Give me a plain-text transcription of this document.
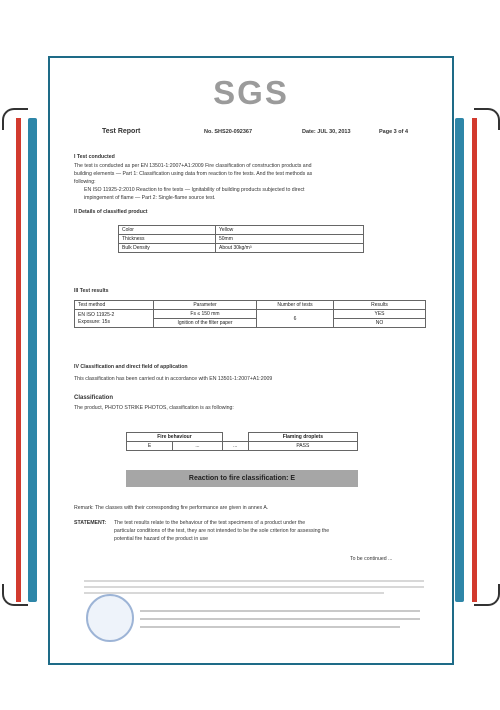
SGS
Test Report	No. SHS20-092367	Date: JUL 30, 2013	Page 3 of 4
I Test conducted
The test is conducted as per EN 13501-1:2007+A1:2009 Fire classification of construction products and
building elements — Part 1: Classification using data from reaction to fire tests. And the test methods as
following:
EN ISO 11925-2:2010 Reaction to fire tests — Ignitability of building products subjected to direct
impingement of flame — Part 2: Single-flame source test.
II Details of classified product
Color	Yellow
Thickness	50mm
Bulk Density	About 30kg/m³
III Test results
Test method	Parameter	Number of tests	Results
EN ISO 11925-2
Exposure: 15s	Fs ≤ 150 mm	6	YES
	Ignition of the filter paper		NO
IV Classification and direct field of application
This classification has been carried out in accordance with EN 13501-1:2007+A1:2009
Classification
The product, PHOTO STRIKE PHOTOS, classification is as following:
Fire behaviour			Flaming droplets
E	...	...	PASS
Reaction to fire classification: E
Remark: The classes with their corresponding fire performance are given in annex A.
STATEMENT: The test results relate to the behaviour of the test specimens of a product under the
particular conditions of the test, they are not intended to be the sole criterion for assessing the
potential fire hazard of the product in use
To be continued ...
